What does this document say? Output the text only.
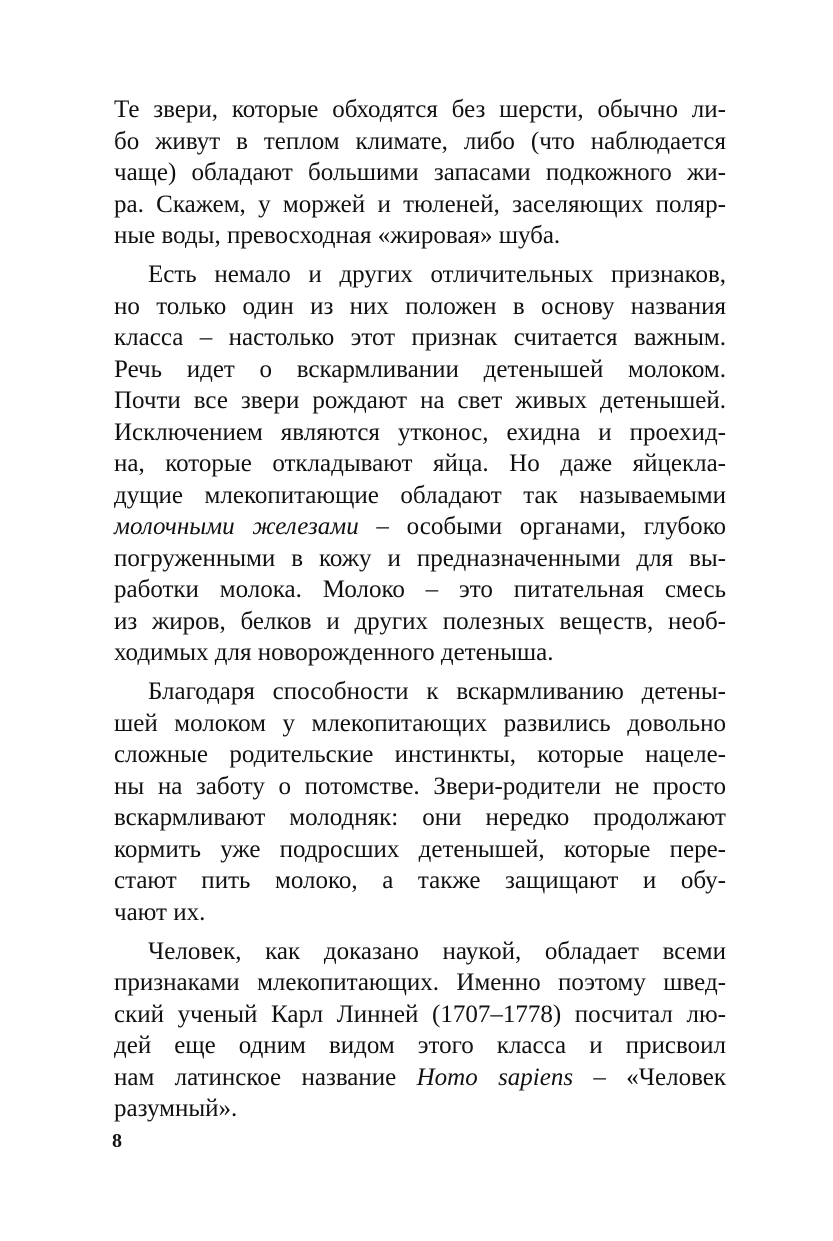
Те звери, которые обходятся без шерсти, обычно ли-
бо живут в теплом климате, либо (что наблюдается
чаще) обладают большими запасами подкожного жи-
ра. Скажем, у моржей и тюленей, заселяющих поляр-
ные воды, превосходная «жировая» шуба.
Есть немало и других отличительных признаков,
но только один из них положен в основу названия
класса – настолько этот признак считается важным.
Речь идет о вскармливании детенышей молоком.
Почти все звери рождают на свет живых детенышей.
Исключением являются утконос, ехидна и проехид-
на, которые откладывают яйца. Но даже яйцекла-
дущие млекопитающие обладают так называемыми
молочными железами – особыми органами, глубоко
погруженными в кожу и предназначенными для вы-
работки молока. Молоко – это питательная смесь
из жиров, белков и других полезных веществ, необ-
ходимых для новорожденного детеныша.
Благодаря способности к вскармливанию детены-
шей молоком у млекопитающих развились довольно
сложные родительские инстинкты, которые нацеле-
ны на заботу о потомстве. Звери-родители не просто
вскармливают молодняк: они нередко продолжают
кормить уже подросших детенышей, которые пере-
стают пить молоко, а также защищают и обу-
чают их.
Человек, как доказано наукой, обладает всеми
признаками млекопитающих. Именно поэтому швед-
ский ученый Карл Линней (1707–1778) посчитал лю-
дей еще одним видом этого класса и присвоил
нам латинское название Homo sapiens – «Человек
разумный».
8
